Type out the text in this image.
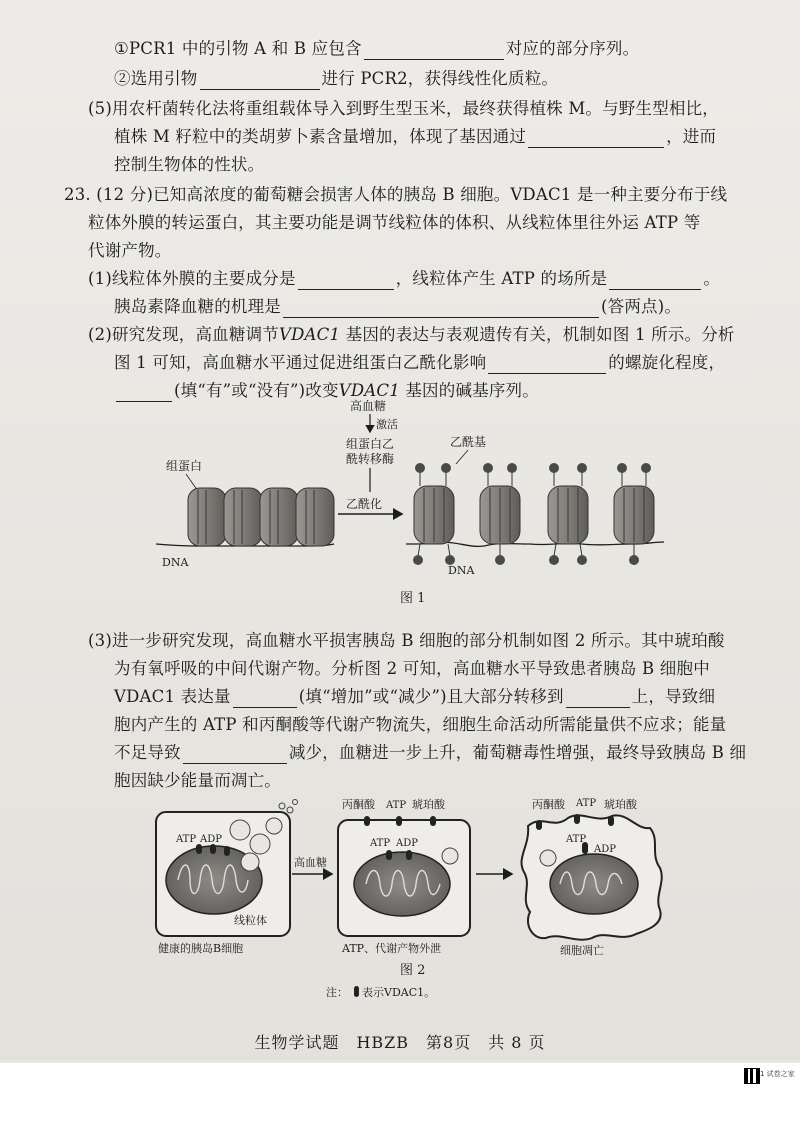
①PCR1 中的引物 A 和 B 应包含	对应的部分序列。
②选用引物	进行 PCR2，获得线性化质粒。
(5)用农杆菌转化法将重组载体导入到野生型玉米，最终获得植株 M。与野生型相比，
植株 M 籽粒中的类胡萝卜素含量增加，体现了基因通过	，进而
控制生物体的性状。
23. (12 分)已知高浓度的葡萄糖会损害人体的胰岛 B 细胞。VDAC1 是一种主要分布于线
粒体外膜的转运蛋白，其主要功能是调节线粒体的体积、从线粒体里往外运 ATP 等
代谢产物。
(1)线粒体外膜的主要成分是	，线粒体产生 ATP 的场所是	。
胰岛素降血糖的机理是	(答两点)。
(2)研究发现，高血糖调节VDAC1 基因的表达与表观遗传有关，机制如图 1 所示。分析
图 1 可知，高血糖水平通过促进组蛋白乙酰化影响	的螺旋化程度，
(填“有”或“没有”)改变VDAC1 基因的碱基序列。
高血糖
激活
组蛋白乙
酰转移酶
乙酰化
组蛋白
DNA
乙酰基
DNA
图 1
(3)进一步研究发现，高血糖水平损害胰岛 B 细胞的部分机制如图 2 所示。其中琥珀酸
为有氧呼吸的中间代谢产物。分析图 2 可知，高血糖水平导致患者胰岛 B 细胞中
VDAC1 表达量	(填“增加”或“减少”)且大部分转移到	上，导致细
胞内产生的 ATP 和丙酮酸等代谢产物流失，细胞生命活动所需能量供不应求；能量
不足导致	减少，血糖进一步上升，葡萄糖毒性增强，最终导致胰岛 B 细
胞因缺少能量而凋亡。
ATP ADP
线粒体
健康的胰岛B细胞
高血糖
丙酮酸 ATP 琥珀酸
ATP ADP
ATP、代谢产物外泄
丙酮酸 ATP 琥珀酸
ATP
ADP
细胞凋亡
图 2
注： 表示VDAC1。
生物学试题　HBZB　第8页　共 8 页
1 试卷之家
